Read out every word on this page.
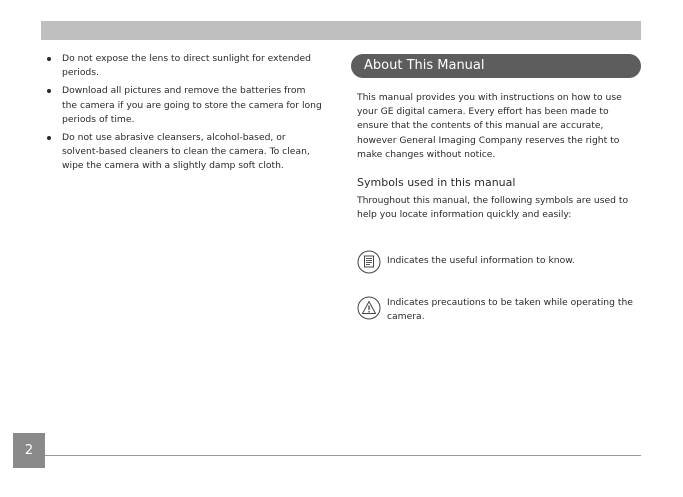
Do not expose the lens to direct sunlight for extended periods.
Download all pictures and remove the batteries from the camera if you are going to store the camera for long periods of time.
Do not use abrasive cleansers, alcohol-based, or solvent-based cleaners to clean the camera. To clean, wipe the camera with a slightly damp soft cloth.
About This Manual

This manual provides you with instructions on how to use your GE digital camera. Every effort has been made to ensure that the contents of this manual are accurate, however General Imaging Company reserves the right to make changes without notice.

Symbols used in this manual

Throughout this manual, the following symbols are used to help you locate information quickly and easily:

Indicates the useful information to know.
Indicates precautions to be taken while operating the camera.
2
